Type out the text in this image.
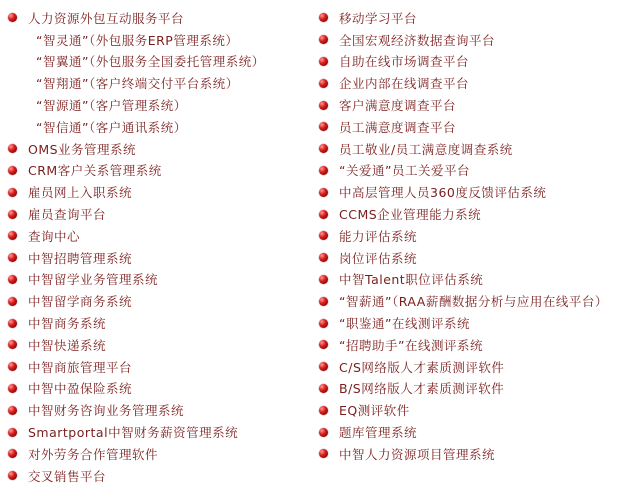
人力资源外包互动服务平台
“智灵通”（外包服务ERP管理系统）
“智翼通”（外包服务全国委托管理系统）
“智翔通”（客户终端交付平台系统）
“智源通”（客户管理系统）
“智信通”（客户通讯系统）
OMS业务管理系统
CRM客户关系管理系统
雇员网上入职系统
雇员查询平台
查询中心
中智招聘管理系统
中智留学业务管理系统
中智留学商务系统
中智商务系统
中智快递系统
中智商旅管理平台
中智中盈保险系统
中智财务咨询业务管理系统
Smartportal中智财务薪资管理系统
对外劳务合作管理软件
交叉销售平台
移动学习平台
全国宏观经济数据查询平台
自助在线市场调查平台
企业内部在线调查平台
客户满意度调查平台
员工满意度调查平台
员工敬业/员工满意度调查系统
“关爱通”员工关爱平台
中高层管理人员360度反馈评估系统
CCMS企业管理能力系统
能力评估系统
岗位评估系统
中智Talent职位评估系统
“智薪通”（RAA薪酬数据分析与应用在线平台）
“职鉴通”在线测评系统
“招聘助手”在线测评系统
C/S网络版人才素质测评软件
B/S网络版人才素质测评软件
EQ测评软件
题库管理系统
中智人力资源项目管理系统
